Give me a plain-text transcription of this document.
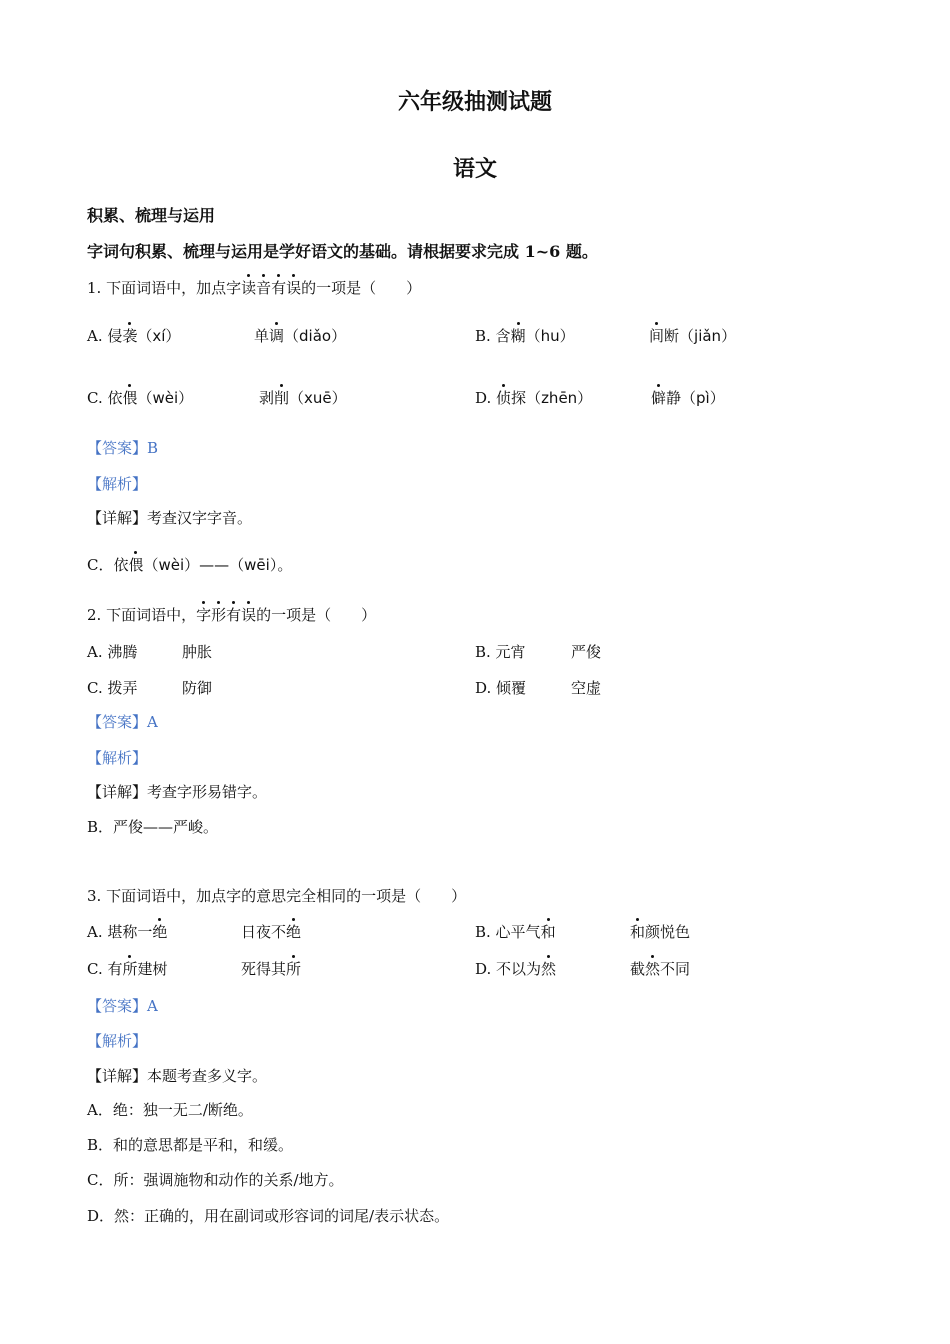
六年级抽测试题
语文
积累、梳理与运用
字词句积累、梳理与运用是学好语文的基础。请根据要求完成 1~6 题。
1. 下面词语中，加点字读音有误的一项是（　　）
A. 侵袭（xí）	单调（diǎo）	B. 含糊（hu）	间断（jiǎn）
C. 依偎（wèi）	剥削（xuē）	D. 侦探（zhēn）	僻静（pì）
【答案】B
【解析】
【详解】考查汉字字音。
C．依偎（wèi）——（wēi）。
2. 下面词语中，字形有误的一项是（　　）
A. 沸腾	肿胀	B. 元宵	严俊
C. 拨弄	防御	D. 倾覆	空虚
【答案】A
【解析】
【详解】考查字形易错字。
B．严俊——严峻。
3. 下面词语中，加点字的意思完全相同的一项是（　　）
A. 堪称一绝	日夜不绝	B. 心平气和	和颜悦色
C. 有所建树	死得其所	D. 不以为然	截然不同
【答案】A
【解析】
【详解】本题考查多义字。
A．绝：独一无二/断绝。
B．和的意思都是平和，和缓。
C．所：强调施物和动作的关系/地方。
D．然：正确的，用在副词或形容词的词尾/表示状态。
